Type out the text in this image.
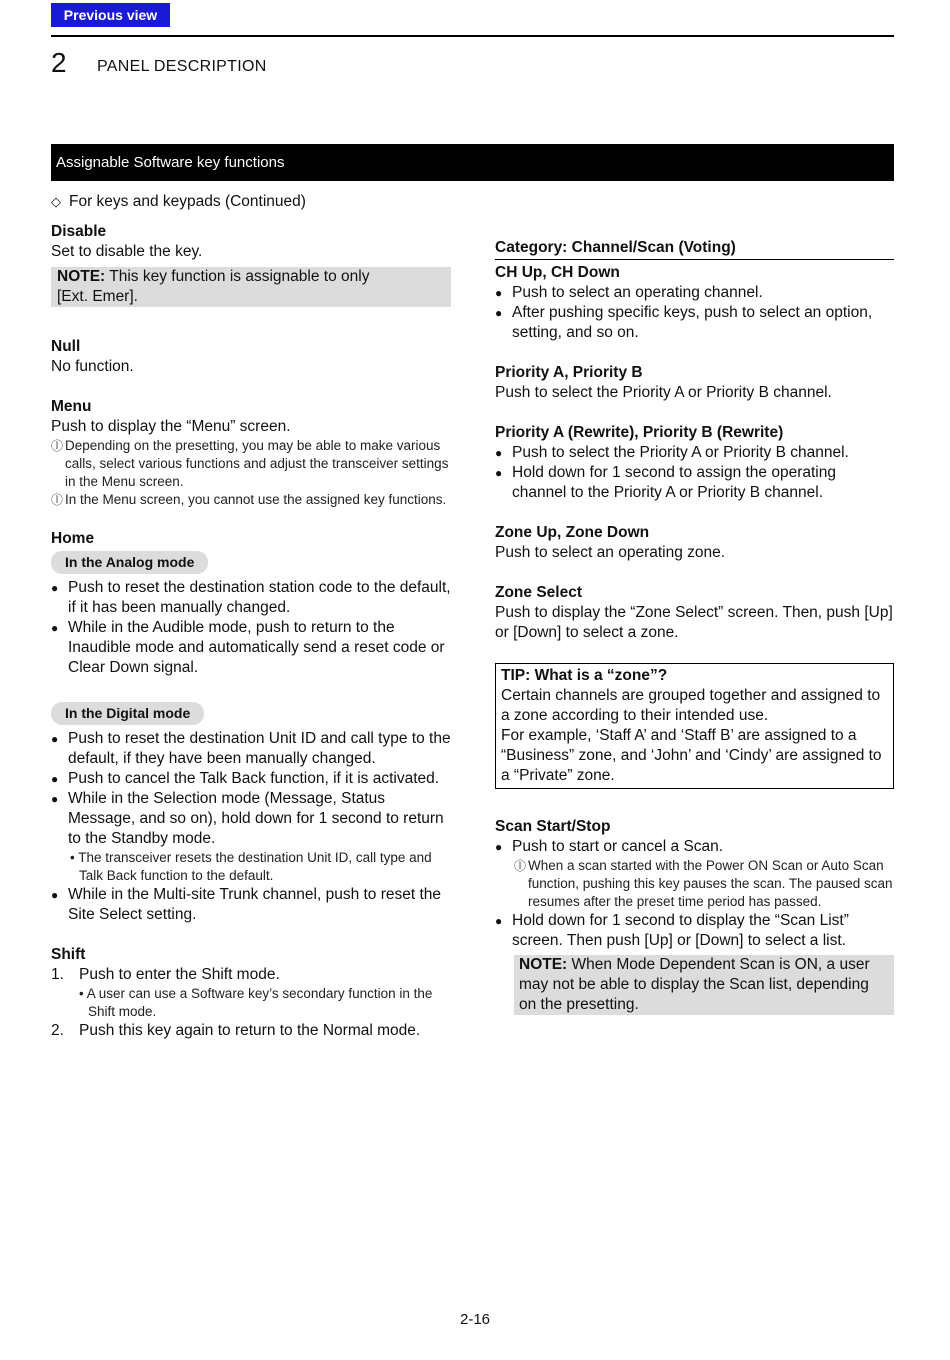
Previous view
2 PANEL DESCRIPTION
Assignable Software key functions
◇ For keys and keypads (Continued)

Disable

Set to disable the key.

NOTE: This key function is assignable to only
[Ext. Emer].

Null

No function.

Menu

Push to display the “Menu” screen.

ⓛ Depending on the presetting, you may be able to make various calls, select various functions and adjust the transceiver settings in the Menu screen.
ⓛ In the Menu screen, you cannot use the assigned key functions.

Home

In the Analog mode

● Push to reset the destination station code to the default, if it has been manually changed.

● While in the Audible mode, push to return to the Inaudible mode and automatically send a reset code or Clear Down signal.

In the Digital mode

● Push to reset the destination Unit ID and call type to the default, if they have been manually changed.

● Push to cancel the Talk Back function, if it is activated.

● While in the Selection mode (Message, Status Message, and so on), hold down for 1 second to return to the Standby mode.

• The transceiver resets the destination Unit ID, call type and Talk Back function to the default.

● While in the Multi-site Trunk channel, push to reset the Site Select setting.

Shift

1. Push to enter the Shift mode.

• A user can use a Software key’s secondary function in the Shift mode.

2. Push this key again to return to the Normal mode.

Category: Channel/Scan (Voting)

CH Up, CH Down

● Push to select an operating channel.

● After pushing specific keys, push to select an option, setting, and so on.

Priority A, Priority B

Push to select the Priority A or Priority B channel.

Priority A (Rewrite), Priority B (Rewrite)

● Push to select the Priority A or Priority B channel.

● Hold down for 1 second to assign the operating channel to the Priority A or Priority B channel.

Zone Up, Zone Down

Push to select an operating zone.

Zone Select

Push to display the “Zone Select” screen. Then, push [Up] or [Down] to select a zone.

TIP: What is a “zone”?

Certain channels are grouped together and assigned to a zone according to their intended use.

For example, ‘Staff A’ and ‘Staff B’ are assigned to a “Business” zone, and ‘John’ and ‘Cindy’ are assigned to a “Private” zone.

Scan Start/Stop

● Push to start or cancel a Scan.

ⓛ When a scan started with the Power ON Scan or Auto Scan function, pushing this key pauses the scan. The paused scan resumes after the preset time period has passed.

● Hold down for 1 second to display the “Scan List” screen. Then push [Up] or [Down] to select a list.

NOTE: When Mode Dependent Scan is ON, a user may not be able to display the Scan list, depending on the presetting.
2-16
